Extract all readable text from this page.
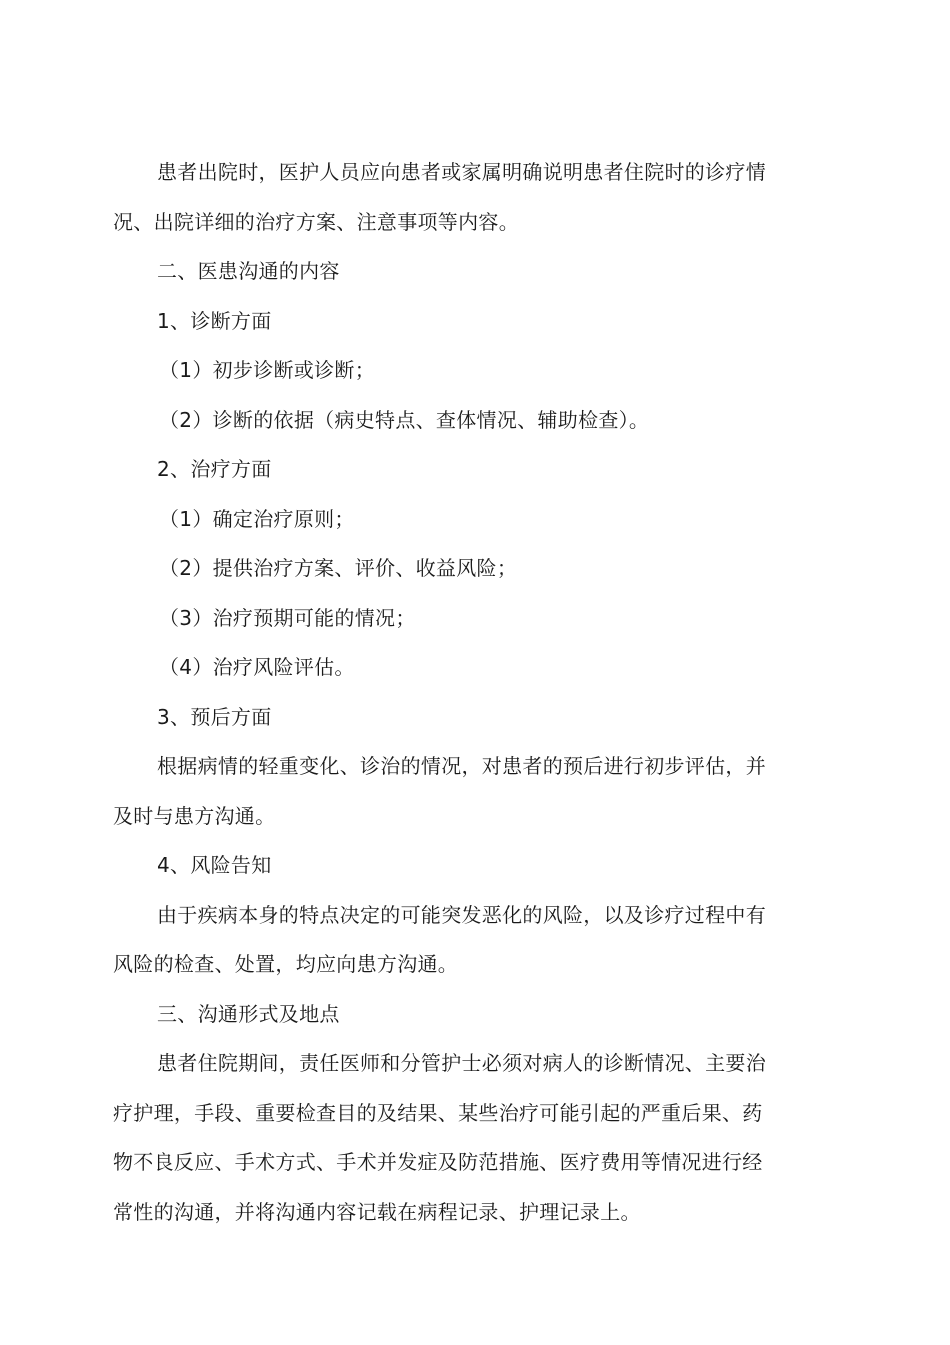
患者出院时，医护人员应向患者或家属明确说明患者住院时的诊疗情
况、出院详细的治疗方案、注意事项等内容。
二、医患沟通的内容
1、诊断方面
（1）初步诊断或诊断；
（2）诊断的依据（病史特点、查体情况、辅助检查）。
2、治疗方面
（1）确定治疗原则；
（2）提供治疗方案、评价、收益风险；
（3）治疗预期可能的情况；
（4）治疗风险评估。
3、预后方面
根据病情的轻重变化、诊治的情况，对患者的预后进行初步评估，并
及时与患方沟通。
4、风险告知
由于疾病本身的特点决定的可能突发恶化的风险，以及诊疗过程中有
风险的检查、处置，均应向患方沟通。
三、沟通形式及地点
患者住院期间，责任医师和分管护士必须对病人的诊断情况、主要治
疗护理，手段、重要检查目的及结果、某些治疗可能引起的严重后果、药
物不良反应、手术方式、手术并发症及防范措施、医疗费用等情况进行经
常性的沟通，并将沟通内容记载在病程记录、护理记录上。
